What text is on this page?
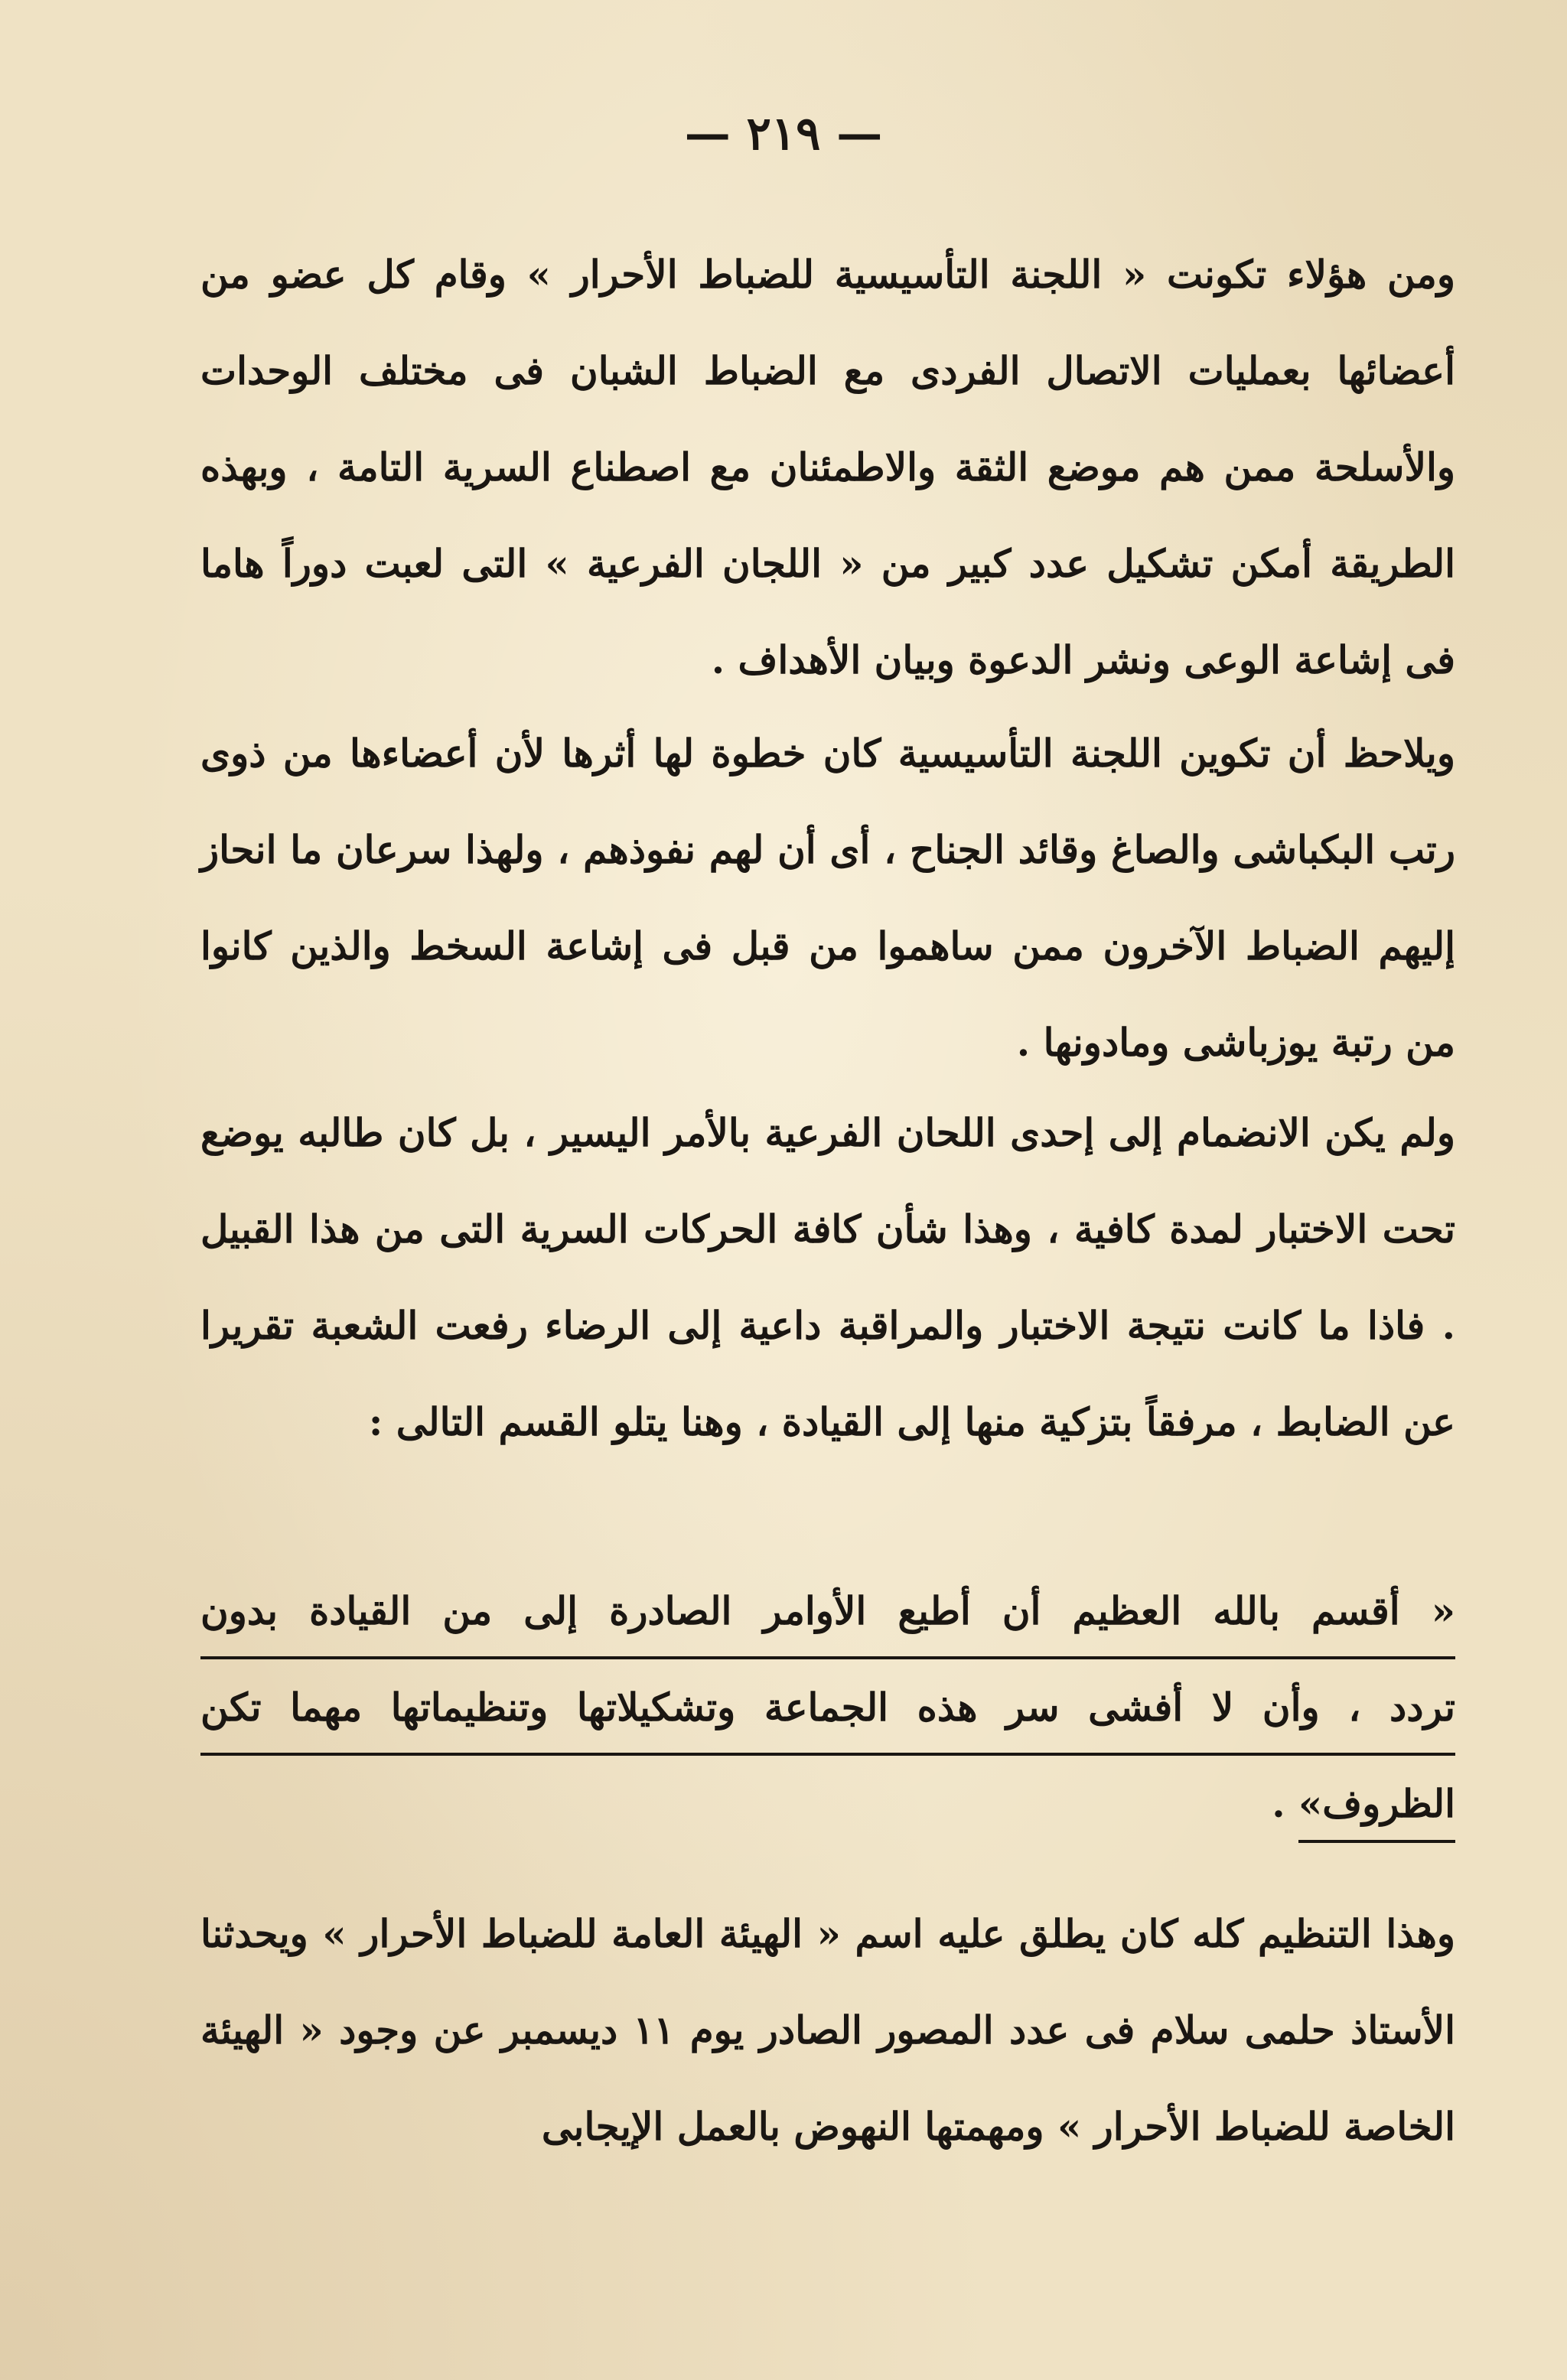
— ٢١٩ —

ومن هؤلاء تكونت « اللجنة التأسيسية للضباط الأحرار » وقام كل عضو من أعضائها بعمليات الاتصال الفردى مع الضباط الشبان فى مختلف الوحدات والأسلحة ممن هم موضع الثقة والاطمئنان مع اصطناع السرية التامة ، وبهذه الطريقة أمكن تشكيل عدد كبير من « اللجان الفرعية » التى لعبت دوراً هاما فى إشاعة الوعى ونشر الدعوة وبيان الأهداف .

ويلاحظ أن تكوين اللجنة التأسيسية كان خطوة لها أثرها لأن أعضاءها من ذوى رتب البكباشى والصاغ وقائد الجناح ، أى أن لهم نفوذهم ، ولهذا سرعان ما انحاز إليهم الضباط الآخرون ممن ساهموا من قبل فى إشاعة السخط والذين كانوا من رتبة يوزباشى ومادونها .

ولم يكن الانضمام إلى إحدى اللحان الفرعية بالأمر اليسير ، بل كان طالبه يوضع تحت الاختبار لمدة كافية ، وهذا شأن كافة الحركات السرية التى من هذا القبيل . فاذا ما كانت نتيجة الاختبار والمراقبة داعية إلى الرضاء رفعت الشعبة تقريرا عن الضابط ، مرفقاً بتزكية منها إلى القيادة ، وهنا يتلو القسم التالى :

« أقسم بالله العظيم أن أطيع الأوامر الصادرة إلى من القيادة بدون
تردد ، وأن لا أفشى سر هذه الجماعة وتشكيلاتها وتنظيماتها مهما تكن
الظروف» .

وهذا التنظيم كله كان يطلق عليه اسم « الهيئة العامة للضباط الأحرار » ويحدثنا الأستاذ حلمى سلام فى عدد المصور الصادر يوم ١١ ديسمبر عن وجود « الهيئة الخاصة للضباط الأحرار » ومهمتها النهوض بالعمل الإيجابى
